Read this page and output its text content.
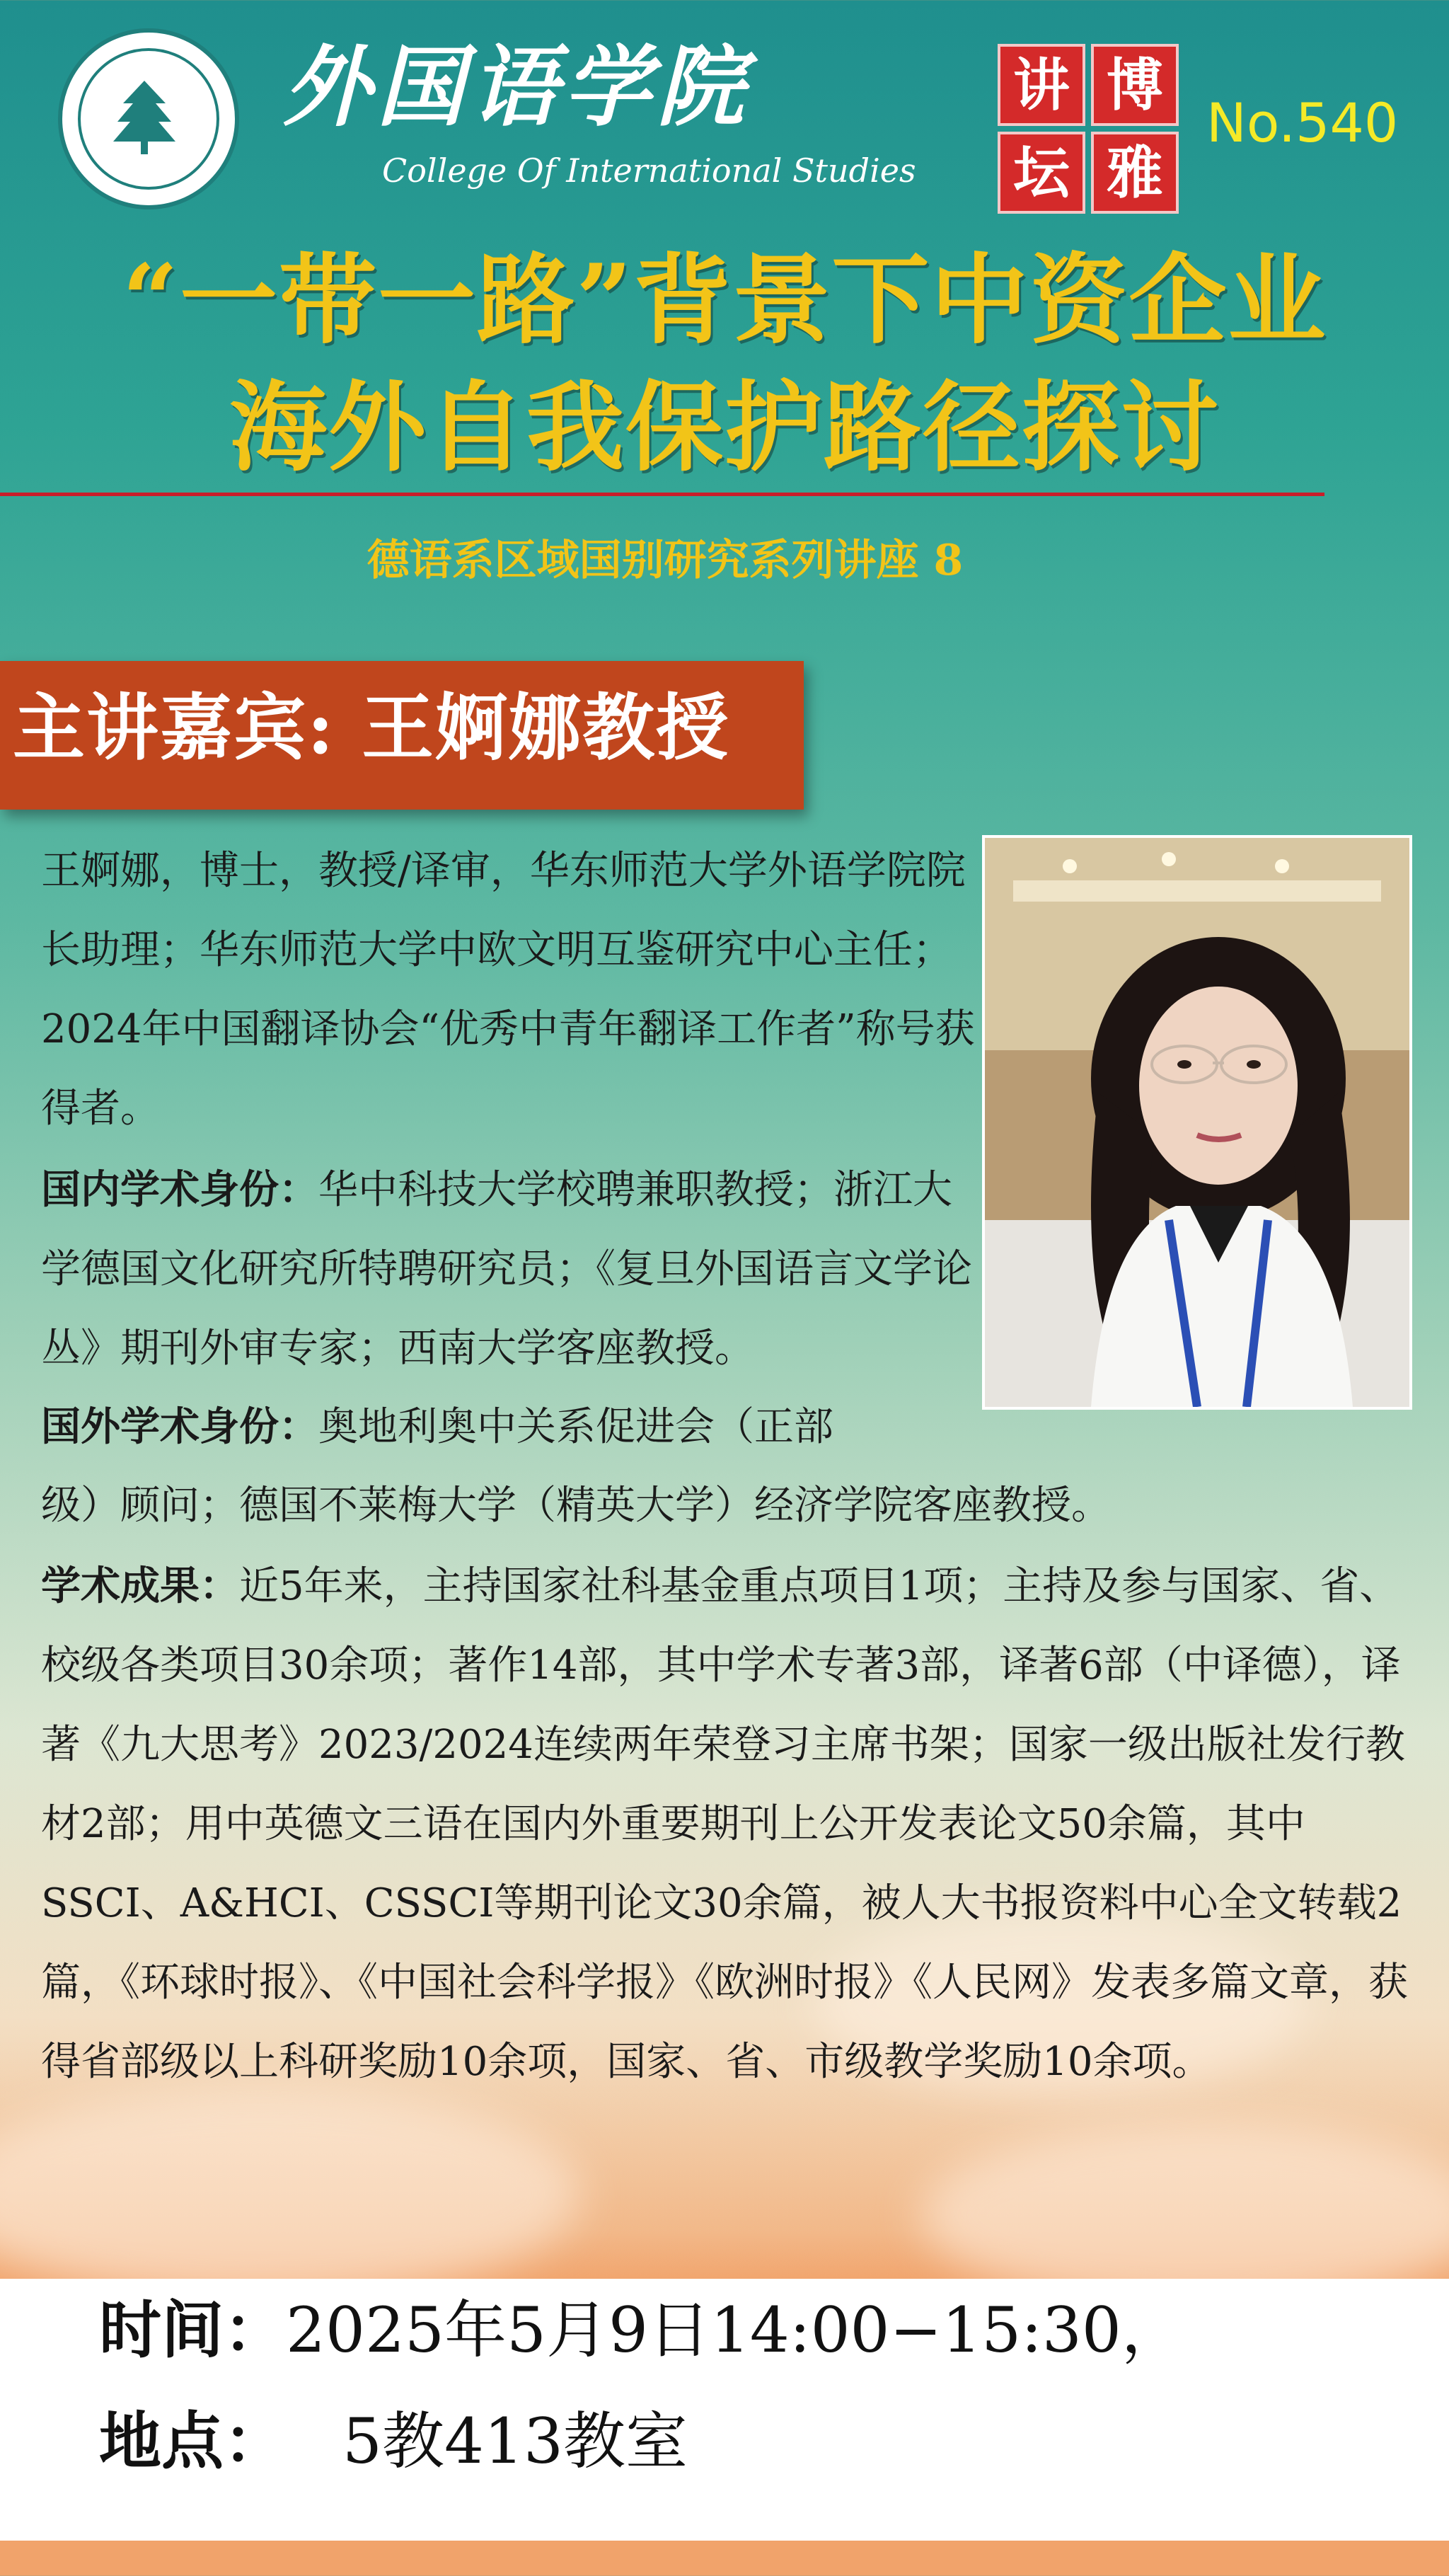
外国语学院
College Of International Studies
讲 博
坛 雅
No.540
“一带一路”背景下中资企业
海外自我保护路径探讨
德语系区域国别研究系列讲座 8
主讲嘉宾: 王婀娜教授
王婀娜，博士，教授/译审，华东师范大学外语学院院长助理；华东师范大学中欧文明互鉴研究中心主任；2024年中国翻译协会“优秀中青年翻译工作者”称号获得者。
国内学术身份：华中科技大学校聘兼职教授；浙江大学德国文化研究所特聘研究员；《复旦外国语言文学论丛》期刊外审专家；西南大学客座教授。
国外学术身份：奥地利奥中关系促进会（正部
级）顾问；德国不莱梅大学（精英大学）经济学院客座教授。
学术成果：近5年来，主持国家社科基金重点项目1项；主持及参与国家、省、校级各类项目30余项；著作14部，其中学术专著3部，译著6部（中译德），译著《九大思考》2023/2024连续两年荣登习主席书架；国家一级出版社发行教材2部；用中英德文三语在国内外重要期刊上公开发表论文50余篇，其中SSCI、A&HCI、CSSCI等期刊论文30余篇，被人大书报资料中心全文转载2篇，《环球时报》、《中国社会科学报》《欧洲时报》《人民网》发表多篇文章，获得省部级以上科研奖励10余项，国家、省、市级教学奖励10余项。
时间：2025年5月9日14:00−15:30，
地点： 5教413教室
